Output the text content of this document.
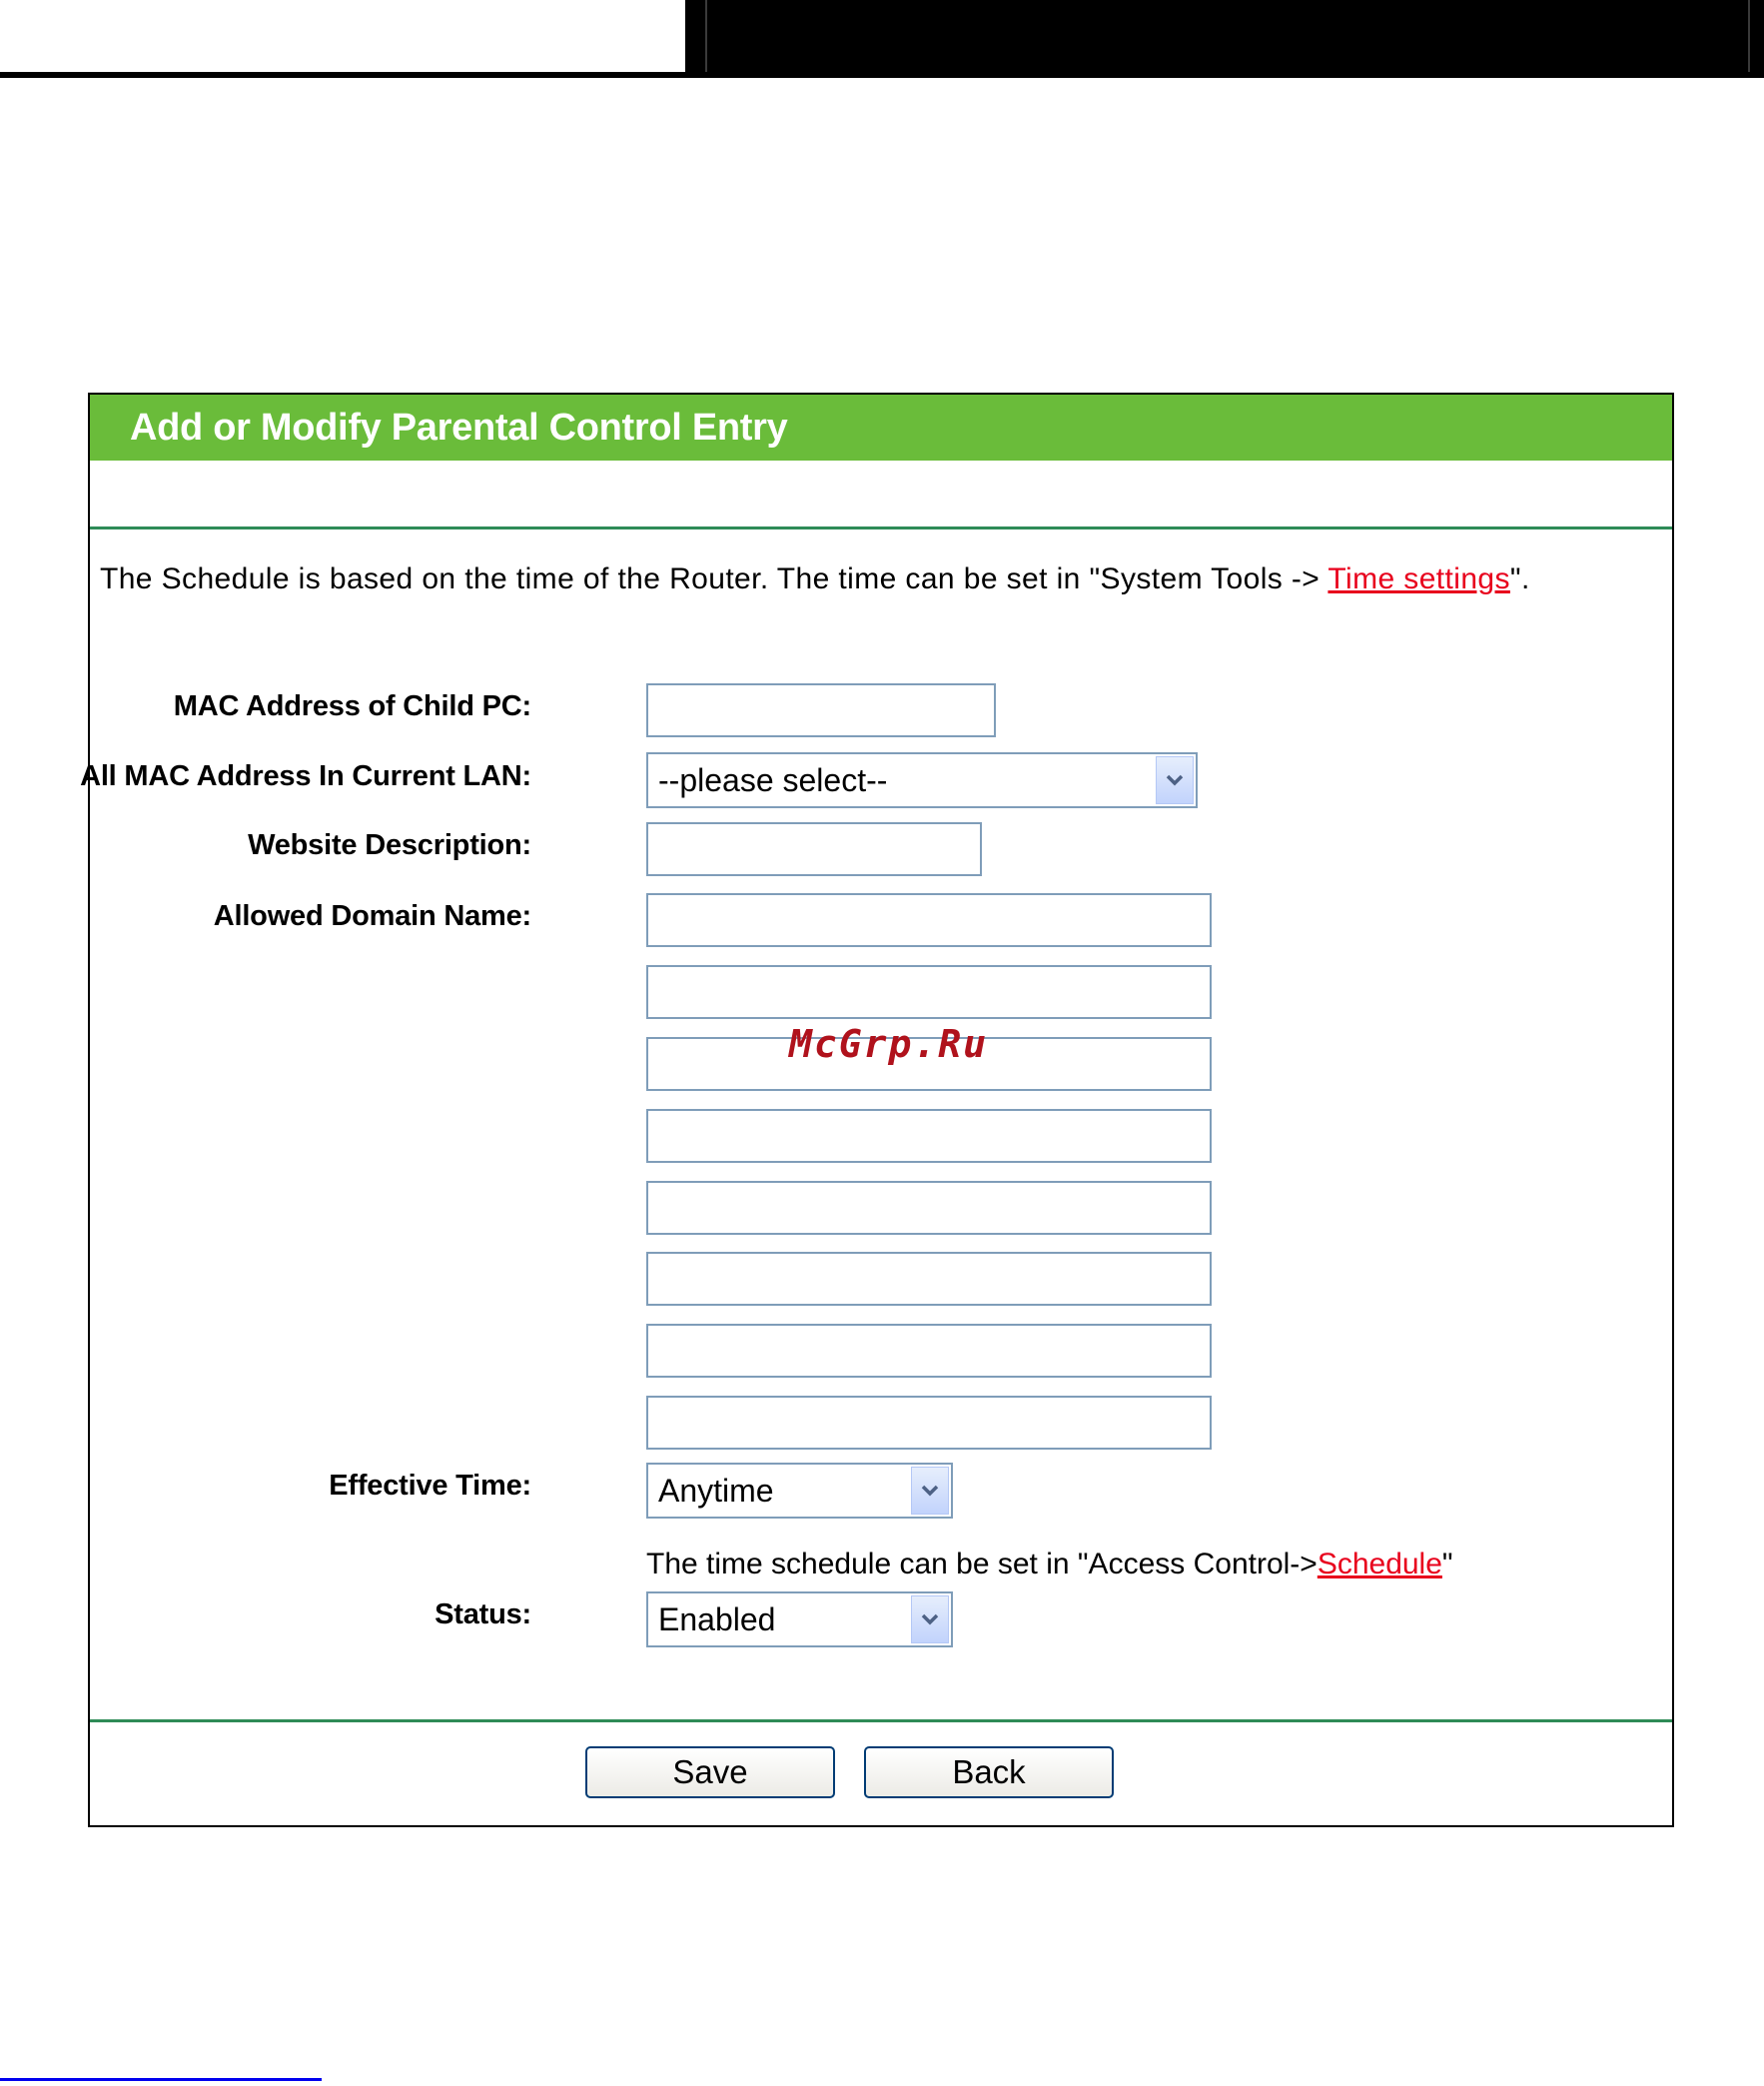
Add or Modify Parental Control Entry
The Schedule is based on the time of the Router. The time can be set in "System Tools -> Time settings".
MAC Address of Child PC:
All MAC Address In Current LAN:	--please select--
Website Description:
Allowed Domain Name:
McGrp.Ru
Effective Time:	Anytime
The time schedule can be set in "Access Control->Schedule"
Status:	Enabled
Save	Back
